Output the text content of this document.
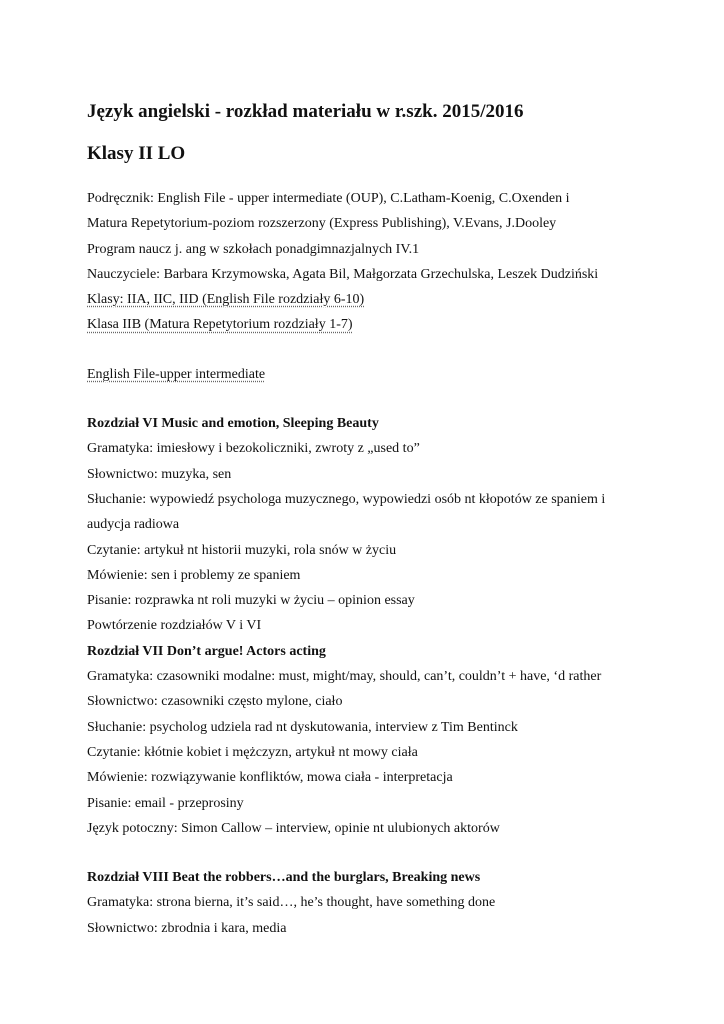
Język angielski - rozkład materiału w r.szk. 2015/2016
Klasy II LO
Podręcznik: English File - upper intermediate (OUP), C.Latham-Koenig, C.Oxenden i
Matura Repetytorium-poziom rozszerzony (Express Publishing), V.Evans, J.Dooley
Program naucz j. ang w szkołach ponadgimnazjalnych IV.1
Nauczyciele: Barbara Krzymowska, Agata Bil, Małgorzata Grzechulska, Leszek Dudziński
Klasy: IIA, IIC, IID (English File rozdziały 6-10)
Klasa IIB (Matura Repetytorium rozdziały 1-7)
English File-upper intermediate
Rozdział VI Music and emotion, Sleeping Beauty
Gramatyka: imiesłowy i bezokoliczniki, zwroty z „used to”
Słownictwo: muzyka, sen
Słuchanie: wypowiedź psychologa muzycznego, wypowiedzi osób nt kłopotów ze spaniem i
audycja radiowa
Czytanie: artykuł nt historii muzyki, rola snów w życiu
Mówienie: sen i problemy ze spaniem
Pisanie: rozprawka nt roli muzyki w życiu – opinion essay
Powtórzenie rozdziałów V i VI
Rozdział VII Don’t argue! Actors acting
Gramatyka: czasowniki modalne: must, might/may, should, can’t, couldn’t + have, ‘d rather
Słownictwo: czasowniki często mylone, ciało
Słuchanie: psycholog udziela rad nt dyskutowania, interview z Tim Bentinck
Czytanie: kłótnie kobiet i mężczyzn, artykuł nt mowy ciała
Mówienie: rozwiązywanie konfliktów, mowa ciała - interpretacja
Pisanie: email - przeprosiny
Język potoczny: Simon Callow – interview, opinie nt ulubionych aktorów
Rozdział VIII Beat the robbers…and the burglars, Breaking news
Gramatyka: strona bierna, it’s said…, he’s thought, have something done
Słownictwo: zbrodnia i kara, media
